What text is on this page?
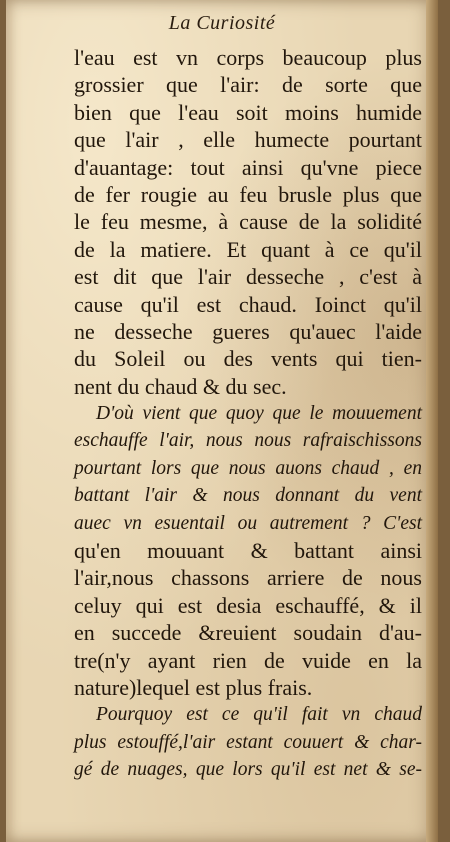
La Curiosité
l'eau est vn corps beaucoup plus
grossier que l'air: de sorte que
bien que l'eau soit moins humide
que l'air , elle humecte pourtant
d'auantage: tout ainsi qu'vne piece
de fer rougie au feu brusle plus que
le feu mesme, à cause de la solidité
de la matiere. Et quant à ce qu'il
est dit que l'air desseche , c'est à
cause qu'il est chaud. Ioinct qu'il
ne desseche gueres qu'auec l'aide
du Soleil ou des vents qui tien-
nent du chaud & du sec.
D'où vient que quoy que le mouuement
eschauffe l'air, nous nous rafraischissons
pourtant lors que nous auons chaud , en
battant l'air & nous donnant du vent
auec vn esuentail ou autrement ? C'est
qu'en mouuant & battant ainsi
l'air,nous chassons arriere de nous
celuy qui est desia eschauffé, & il
en succede &reuient soudain d'au-
tre(n'y ayant rien de vuide en la
nature)lequel est plus frais.
Pourquoy est ce qu'il fait vn chaud
plus estouffé,l'air estant couuert & char-
gé de nuages, que lors qu'il est net & se-
